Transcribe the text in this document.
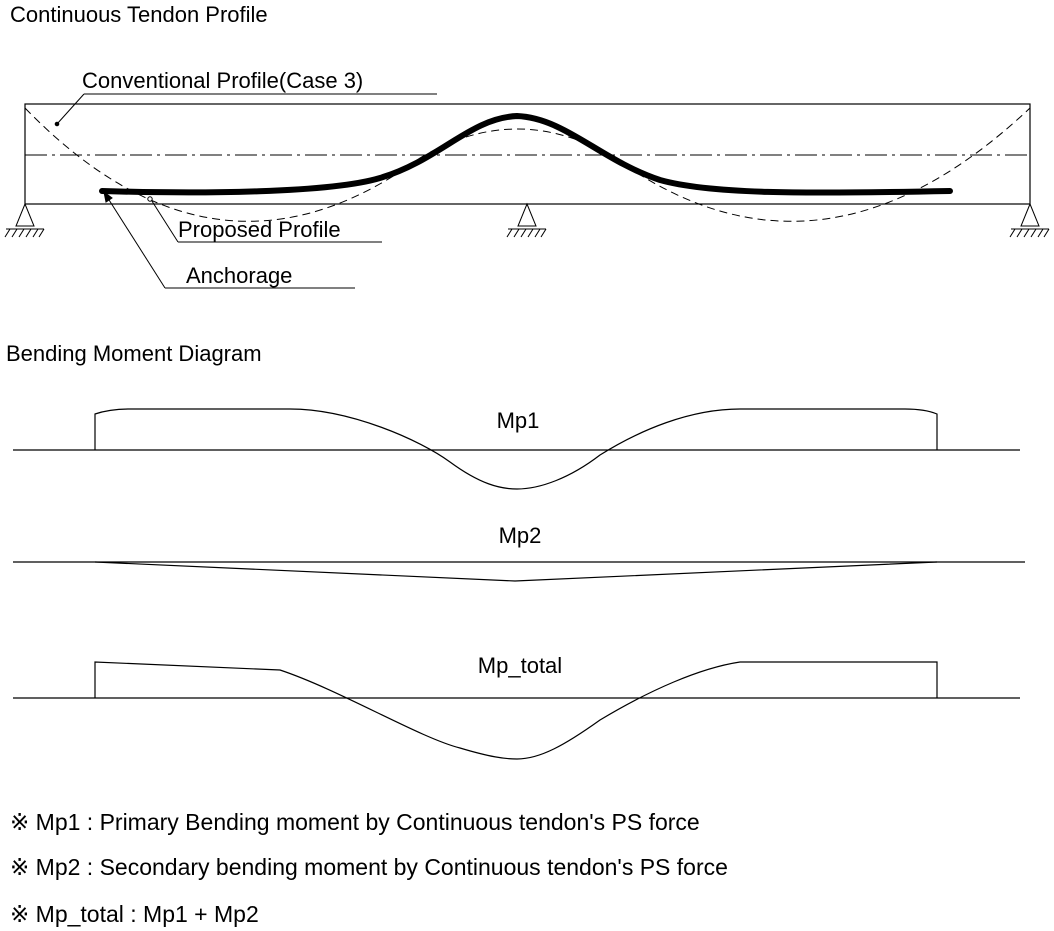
Continuous Tendon Profile
Conventional Profile(Case 3)
Proposed Profile
Anchorage
Bending Moment Diagram
Mp1
Mp2
Mp_total
※ Mp1 : Primary Bending moment by Continuous tendon's PS force
※ Mp2 : Secondary bending moment by Continuous tendon's PS force
※ Mp_total : Mp1 + Mp2
